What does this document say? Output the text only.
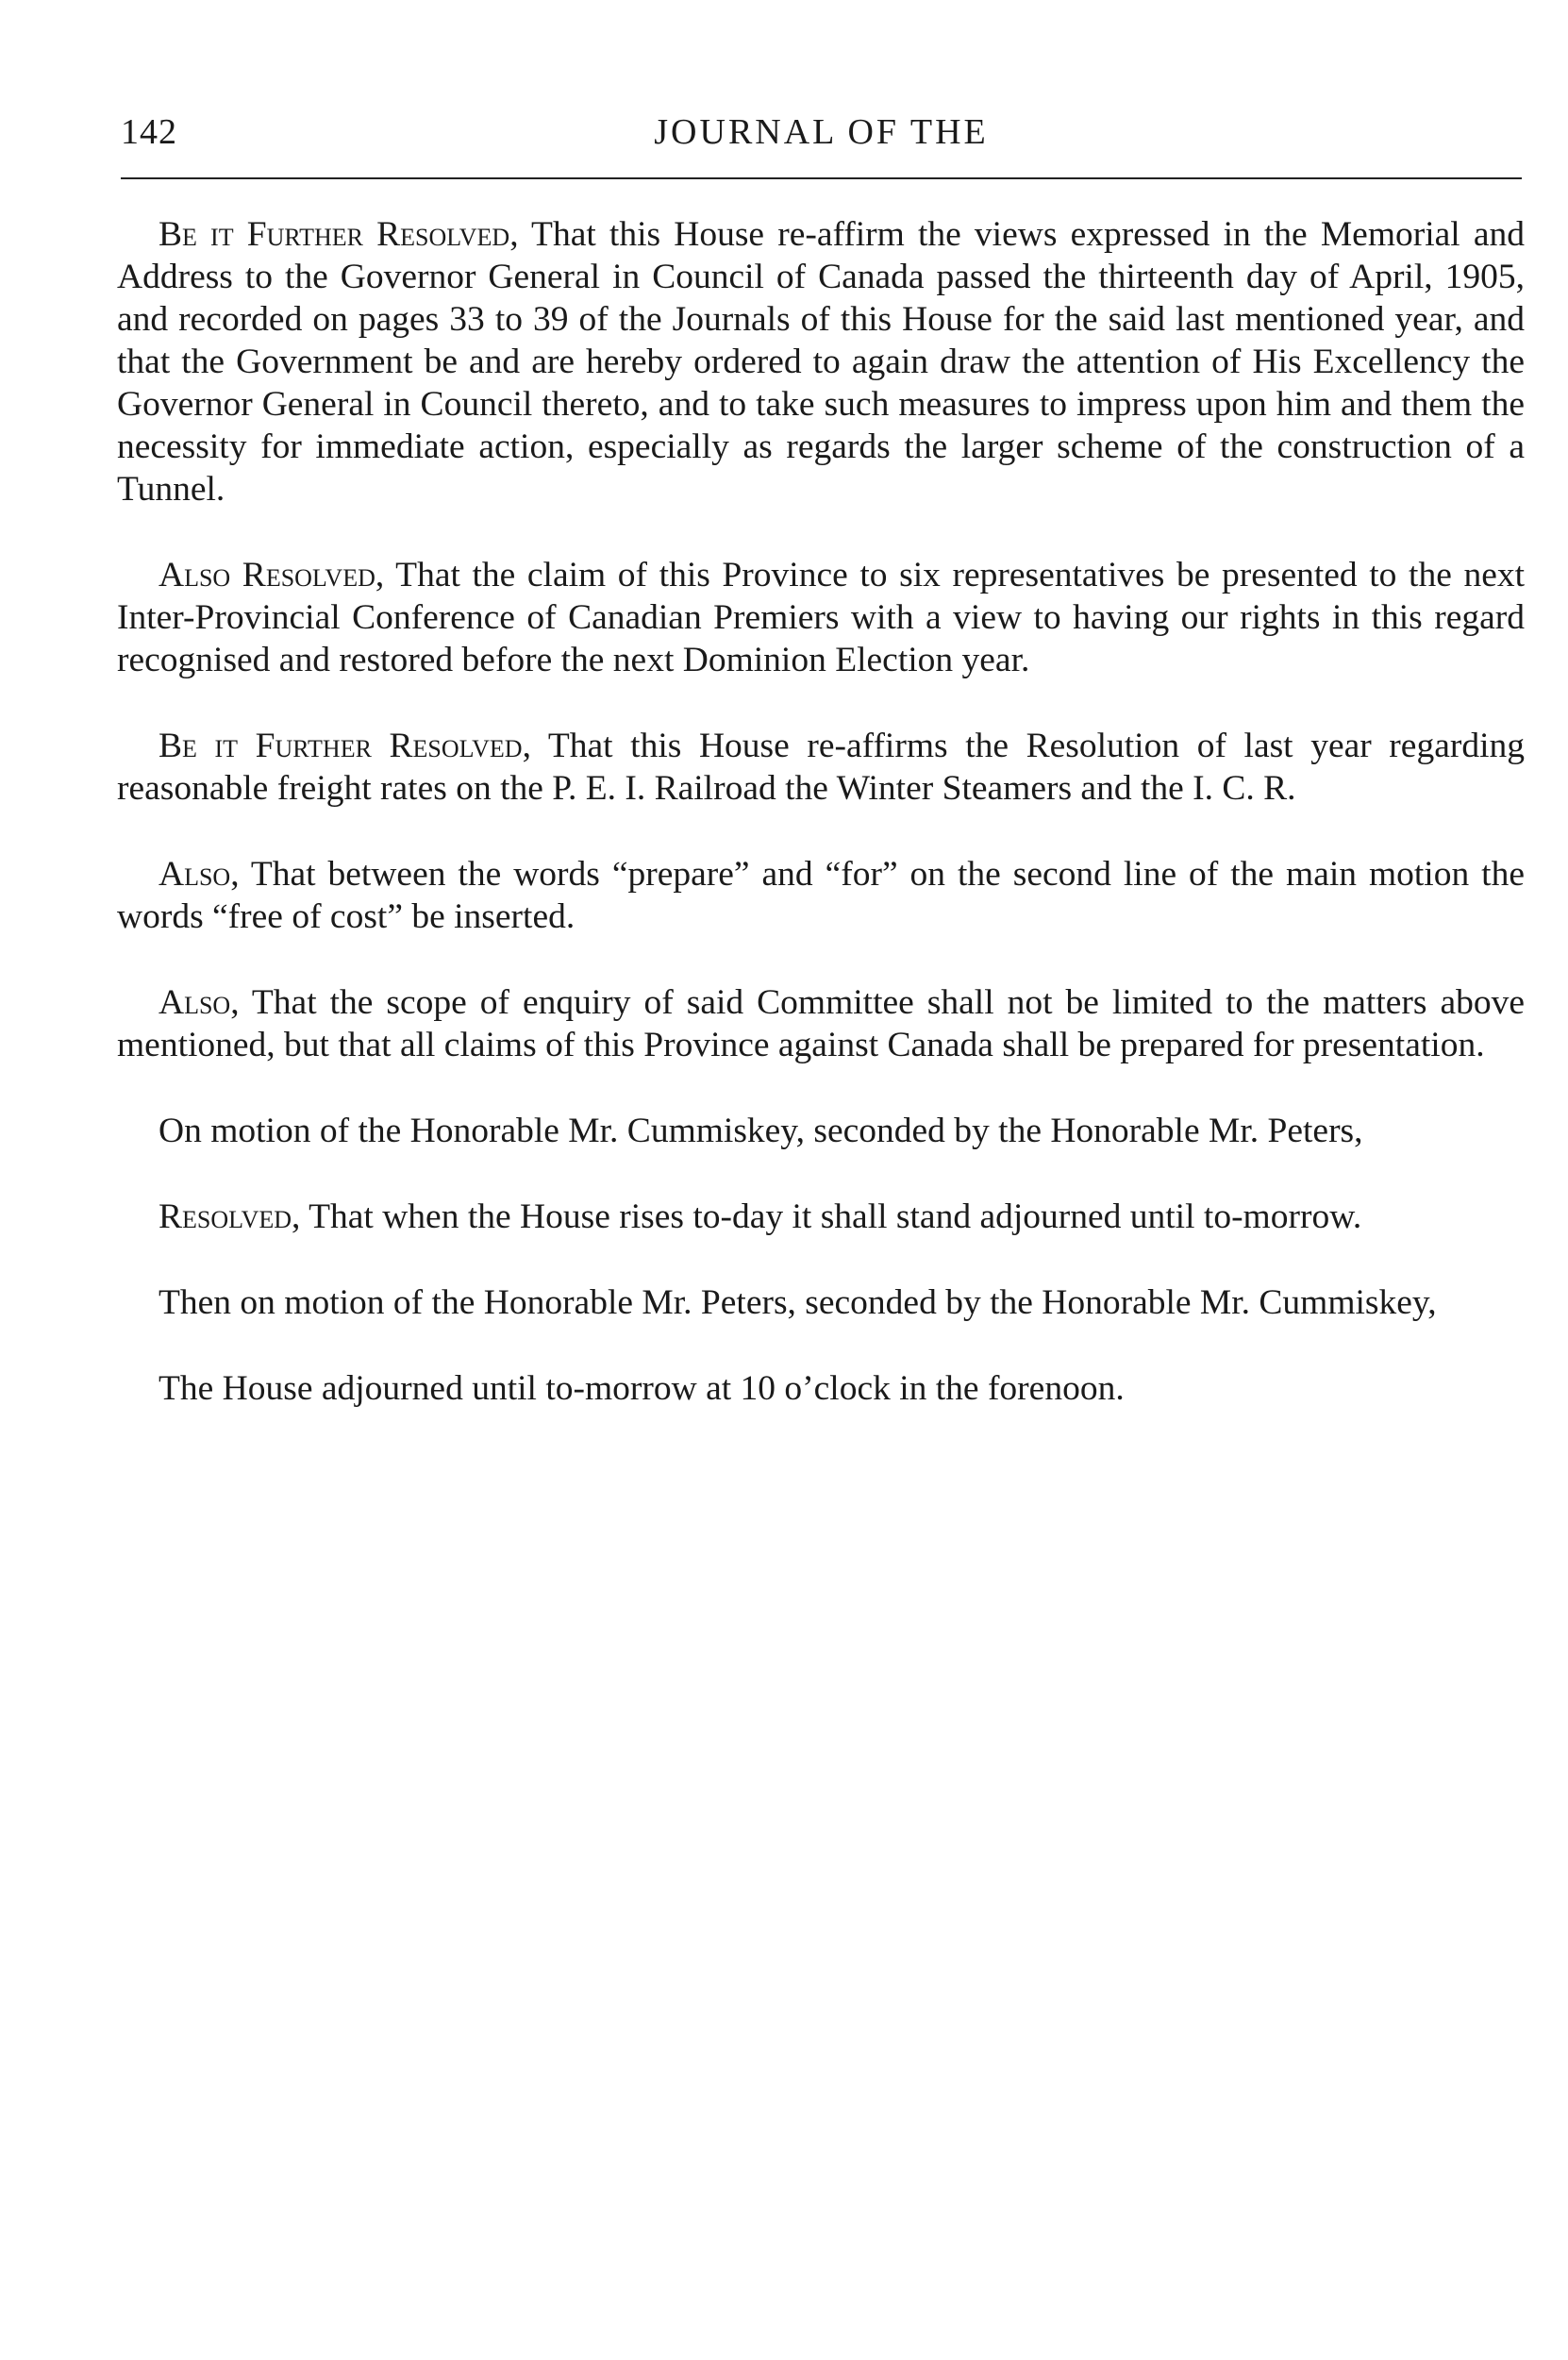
142	JOURNAL OF THE

Be it Further Resolved, That this House re-affirm the views expressed in the Memorial and Address to the Governor General in Council of Canada passed the thirteenth day of April, 1905, and recorded on pages 33 to 39 of the Journals of this House for the said last mentioned year, and that the Government be and are hereby ordered to again draw the attention of His Excellency the Governor General in Council thereto, and to take such measures to impress upon him and them the necessity for immediate action, especially as regards the larger scheme of the construction of a Tunnel.

Also Resolved, That the claim of this Province to six representatives be presented to the next Inter-Provincial Conference of Canadian Premiers with a view to having our rights in this regard recognised and restored before the next Dominion Election year.

Be it Further Resolved, That this House re-affirms the Resolution of last year regarding reasonable freight rates on the P. E. I. Railroad the Winter Steamers and the I. C. R.

Also, That between the words “prepare” and “for” on the second line of the main motion the words “free of cost” be inserted.

Also, That the scope of enquiry of said Committee shall not be limited to the matters above mentioned, but that all claims of this Province against Canada shall be prepared for presentation.

On motion of the Honorable Mr. Cummiskey, seconded by the Honorable Mr. Peters,

Resolved, That when the House rises to-day it shall stand adjourned until to-morrow.

Then on motion of the Honorable Mr. Peters, seconded by the Honorable Mr. Cummiskey,

The House adjourned until to-morrow at 10 o’clock in the forenoon.
